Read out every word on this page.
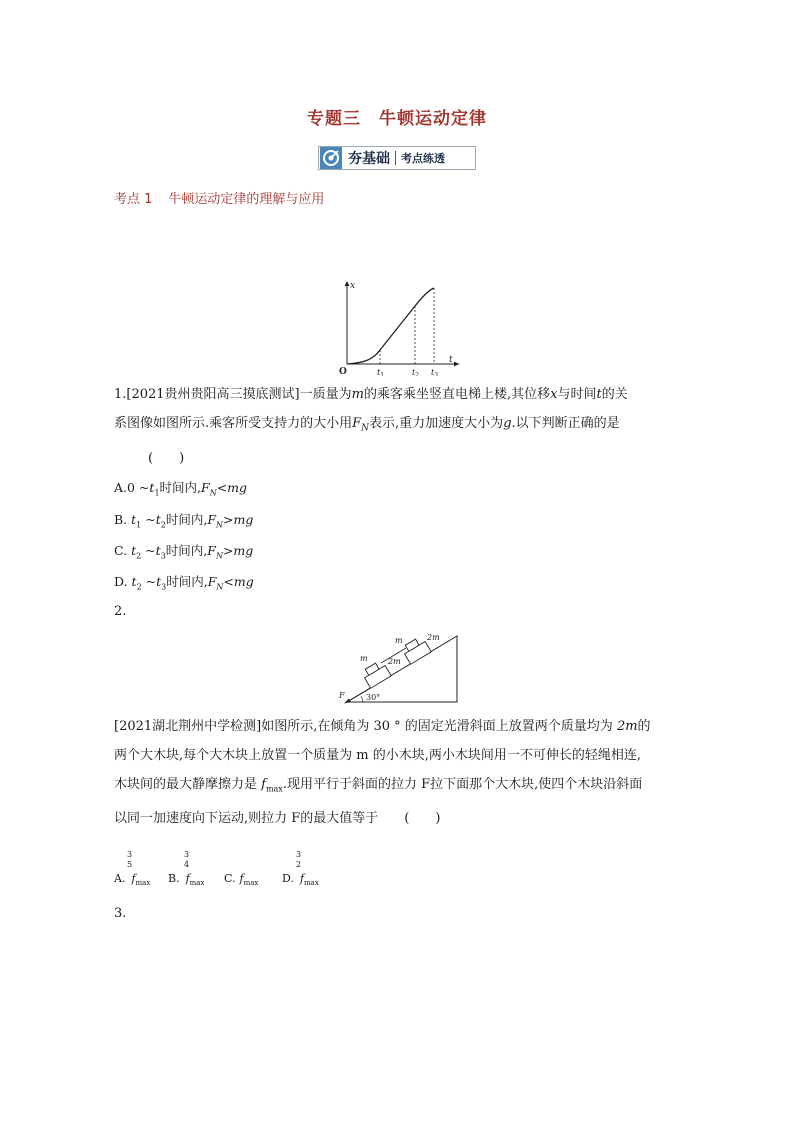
专题三　牛顿运动定律
夯基础 考点练透
考点 1 牛顿运动定律的理解与应用
x
t
O	$t_1$	$t_2$ $t_3$
1.[2021贵州贵阳高三摸底测试]一质量为m的乘客乘坐竖直电梯上楼,其位移x与时间t的关
系图像如图所示.乘客所受支持力的大小用$F_N$表示,重力加速度大小为g.以下判断正确的是
(　　)
A.0 $\sim t_1$时间内$,F_N<mg$
B. $t_1$ $\sim t_2$时间内$,F_N>mg$
C. $t_2$ $\sim t_3$时间内$,F_N>mg$
D. $t_2$ $\sim t_3$时间内$,F_N<mg$
2.
m
m
2m
2m
F	30°
[2021湖北荆州中学检测]如图所示,在倾角为 30 ° 的固定光滑斜面上放置两个质量均为 2m的
两个大木块,每个大木块上放置一个质量为 m 的小木块,两小木块间用一不可伸长的轻绳相连,
木块间的最大静摩擦力是 $f_{max}$.现用平行于斜面的拉力 F拉下面那个大木块,使四个木块沿斜面
以同一加速度向下运动,则拉力 F的最大值等于　　(　　)
3
5
A. $f_{max}$
3
4
B. $f_{max}$ C. $f_{max}$
3
2
D. $f_{max}$
3.
